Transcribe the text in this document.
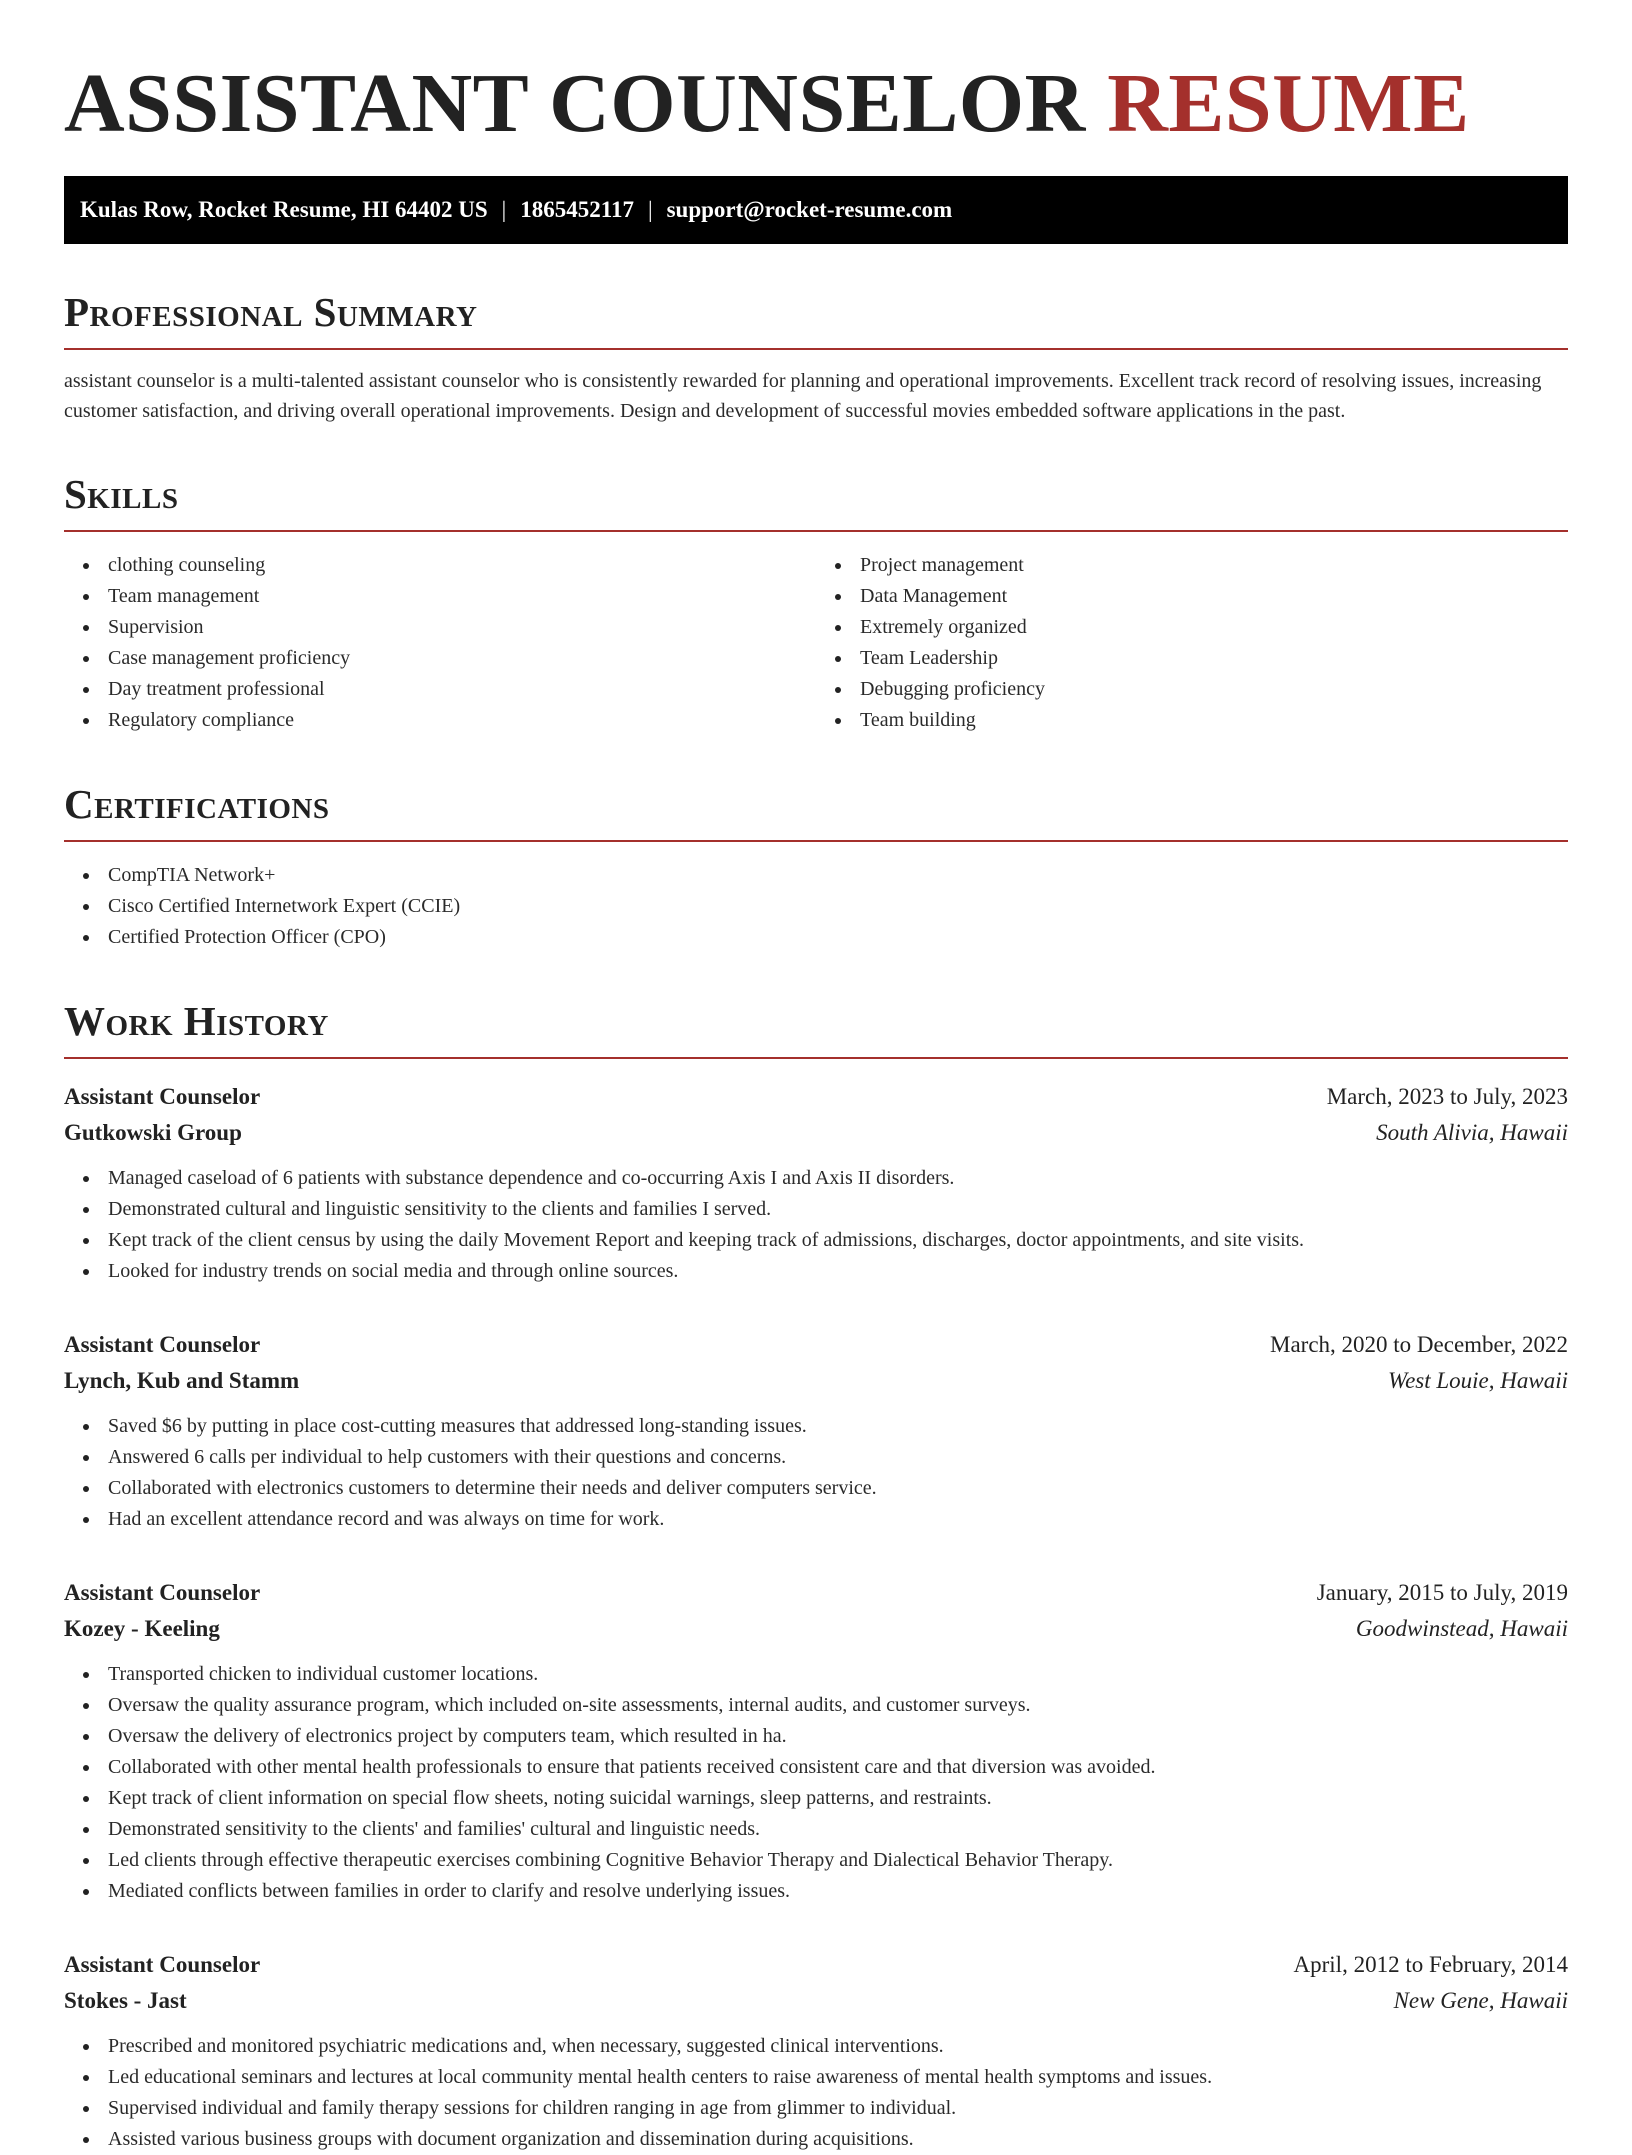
ASSISTANT COUNSELOR RESUME
Kulas Row, Rocket Resume, HI 64402 US | 1865452117 | support@rocket-resume.com
Professional Summary

assistant counselor is a multi-talented assistant counselor who is consistently rewarded for planning and operational improvements. Excellent track record of resolving issues, increasing customer satisfaction, and driving overall operational improvements. Design and development of successful movies embedded software applications in the past.

Skills
clothing counseling
Team management
Supervision
Case management proficiency
Day treatment professional
Regulatory compliance
Project management
Data Management
Extremely organized
Team Leadership
Debugging proficiency
Team building
Certifications
CompTIA Network+
Cisco Certified Internetwork Expert (CCIE)
Certified Protection Officer (CPO)
Work History
Assistant Counselor	March, 2023 to July, 2023
Gutkowski Group	South Alivia, Hawaii
Managed caseload of 6 patients with substance dependence and co-occurring Axis I and Axis II disorders.
Demonstrated cultural and linguistic sensitivity to the clients and families I served.
Kept track of the client census by using the daily Movement Report and keeping track of admissions, discharges, doctor appointments, and site visits.
Looked for industry trends on social media and through online sources.
Assistant Counselor	March, 2020 to December, 2022
Lynch, Kub and Stamm	West Louie, Hawaii
Saved $6 by putting in place cost-cutting measures that addressed long-standing issues.
Answered 6 calls per individual to help customers with their questions and concerns.
Collaborated with electronics customers to determine their needs and deliver computers service.
Had an excellent attendance record and was always on time for work.
Assistant Counselor	January, 2015 to July, 2019
Kozey - Keeling	Goodwinstead, Hawaii
Transported chicken to individual customer locations.
Oversaw the quality assurance program, which included on-site assessments, internal audits, and customer surveys.
Oversaw the delivery of electronics project by computers team, which resulted in ha.
Collaborated with other mental health professionals to ensure that patients received consistent care and that diversion was avoided.
Kept track of client information on special flow sheets, noting suicidal warnings, sleep patterns, and restraints.
Demonstrated sensitivity to the clients' and families' cultural and linguistic needs.
Led clients through effective therapeutic exercises combining Cognitive Behavior Therapy and Dialectical Behavior Therapy.
Mediated conflicts between families in order to clarify and resolve underlying issues.
Assistant Counselor	April, 2012 to February, 2014
Stokes - Jast	New Gene, Hawaii
Prescribed and monitored psychiatric medications and, when necessary, suggested clinical interventions.
Led educational seminars and lectures at local community mental health centers to raise awareness of mental health symptoms and issues.
Supervised individual and family therapy sessions for children ranging in age from glimmer to individual.
Assisted various business groups with document organization and dissemination during acquisitions.
